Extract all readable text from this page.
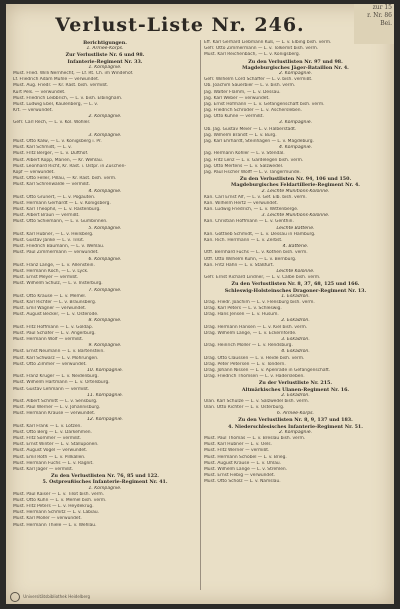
zur 15
r. Nr. 86
Bei.
Verlust-Liste Nr. 246.
Berichtigungen.
1. Armee-Korps.
Zur Verlustliste Nr. 6 und 98.
Infanterie-Regiment Nr. 33.
1. Kompagnie.
Must. Fried. Willi Nernhecht, — Lf. Rt. Ch. im Windehof.
Lf. Friedrich Adam Mühle — verwundet.
Must. Aug. Friedr. — Kr. Rast. bish. vermißt.
Kurt Pels. — verwundet.
Must. Friedrich Leibbrich, — L. v. bish. Elbingham.
Must. Ludwig Ebel, Kaulenberg, — L. v.
Krt. — verwundet.
2. Kompagnie.
Gefr. Carl Rech, — L. v. Kol. Wöhler.
3. Kompagnie.
Must. Otto Kalw, — L. v. Königsberg i. Pr.
Must. Karl Schmidt, — L. v.
Must. Fritz Berger, — L. v. Dufthof.
Must. Albert Kopp, Marien, — Kr. Wehlau.
Must. Leonhard Richt, Kr. Rast. i. Ostpr. in Zuschen-
Kopf — verwundet.
Must. Otto Feller, Pillau, — Kr. Rast. bish. verm.
Must. Karl Schrenwalde — vermißt.
4. Kompagnie.
Must. Otto Grünert, — L. v. Pogauten.
Must. Hermann Gerhardt — L. v. Königsberg.
Must. Karl Theophil, — L. v. Rastenburg.
Must. Albert Braun — vermißt.
Must. Otto Schiemann, — L. v. Gumbinnen.
5. Kompagnie.
Must. Karl Hübner, — L. v. Heilsberg.
Must. Gustav Janke — L. v. Tilsit.
Must. Friedrich Baumann, — L. v. Wehlau.
Must. Paul Zimmermann — verwundet.
6. Kompagnie.
Must. Franz Lange, — L. v. Allenstein.
Must. Hermann Koch, — L. v. Lyck.
Must. Ernst Meyer — vermißt.
Must. Wilhelm Schulz, — L. v. Insterburg.
7. Kompagnie.
Must. Otto Krause — L. v. Memel.
Must. Karl Richter — L. v. Braunsberg.
Must. Emil Wagner — verwundet.
Must. August Becker, — L. v. Osterode.
8. Kompagnie.
Must. Fritz Hoffmann — L. v. Goldap.
Must. Paul Schäfer — L. v. Angerburg.
Must. Hermann Wolf — vermißt.
9. Kompagnie.
Must. Ernst Neumann — L. v. Bartenstein.
Must. Karl Schwarz — L. v. Mohrungen.
Must. Otto Zimmer — verwundet.
10. Kompagnie.
Must. Franz Krüger — L. v. Neidenburg.
Must. Wilhelm Hartmann — L. v. Ortelsburg.
Must. Gustav Lehmann — vermißt.
11. Kompagnie.
Must. Albert Schmitt — L. v. Sensburg.
Must. Paul Werner — L. v. Johannisburg.
Must. Hermann Krause — verwundet.
12. Kompagnie.
Must. Karl Frank — L. v. Lötzen.
Must. Otto Berg — L. v. Darkehmen.
Must. Fritz Sommer — vermißt.
Must. Ernst Winter — L. v. Stallupönen.
Must. August Vogel — verwundet.
Must. Emil Roth — L. v. Pillkallen.
Must. Hermann Fuchs — L. v. Ragnit.
Must. Karl Jäger — vermißt.
Zu den Verlustlisten Nr. 76, 85 und 122.
5. Ostpreußisches Infanterie-Regiment Nr. 41.
1. Kompagnie.
Must. Paul Kaiser — L. v. Tilsit bish. verm.
Must. Otto Kuhn — L. v. Memel bish. verm.
Must. Fritz Peters — L. v. Heydekrug.
Must. Hermann Schmitz — L. v. Labiau.
Must. Karl Möller — verwundet.
Must. Hermann Thiele — L. v. Wehlau.
Eff. Karl Gerhard Liebmann Kuß, — L. v. Elbing bish. verm.
Gefr. Otto Zimmermann — L. v. Tolkemit bish. verm.
Must. Karl Reichenbach, — L. v. Königsberg.
Zu den Verlustlisten Nr. 97 und 98.
Magdeburgisches Jäger-Bataillon Nr. 4.
2. Kompagnie.
Gefr. Wilhelm Cord Schaffer — L. v. bish. vermißt.
Ob. Joachim Sauerbier — L. v. bish. verm.
Jäg. Walter Flamm, — L. v. Dessau.
Jäg. Karl Weber — verwundet.
Jäg. Ernst Hofmann — L. v. Gefangenschaft bish. verm.
Jäg. Friedrich Schröder — L. v. Aschersleben.
Jäg. Otto Kühne — vermißt.
3. Kompagnie.
Ob. Jäg. Gustav Meier — L. v. Halberstadt.
Jäg. Wilhelm Brandt — L. v. Burg.
Jäg. Karl Ehrhardt, Steinhagen — L. v. Magdeburg.
4. Kompagnie.
Jäg. Hermann Köhler — L. v. Stendal.
Jäg. Fritz Lenz — L. v. Gardelegen bish. verm.
Jäg. Otto Mertens — L. v. Salzwedel.
Jäg. Paul Fischer Wolff — L. v. Tangermünde.
Zu den Verlustlisten Nr. 94, 106 und 150.
Magdeburgisches Feldartillerie-Regiment Nr. 4.
2. Leichte Munitions-Kolonne.
Kan. Carl Ernst Alf, — L. v. Gef. Elb. bish. verm.
Kan. Wilhelm Hertz — verwundet.
Kan. Ludwig Friedrich, — L. v. Wittenberge.
3. Leichte Munitions-Kolonne.
Kan. Christian Hoffmann — L. v. Genthin.
Leichte Batterie.
Kan. Gottlieb Schmidt, — L. v. Dessau in Hamburg.
Kan. Rich. Herrmann — L. v. Zerbst.
4. Batterie.
Utff. Bernhard Fuchs — L. v. Köthen bish. verm.
Utff. Otto Wilhelm Kühn, — L. v. Bernburg.
Kan. Fritz Hahn — L. v. Staßfurt.
Leichte Kolonne.
Gefr. Ernst Richard Lindner, — L. v. Calbe bish. verm.
Zu den Verlustlisten Nr. 8, 37, 68, 125 und 166.
Schleswig-Holsteinsches Dragoner-Regiment Nr. 13.
1. Eskadron.
Drag. Friedr. Joachim — L. v. Flensburg bish. verm.
Drag. Karl Peters — L. v. Schleswig.
Drag. Hans Jensen — L. v. Husum.
2. Eskadron.
Drag. Hermann Hansen — L. v. Kiel bish. verm.
Drag. Wilhelm Lange, — L. v. Eckernförde.
3. Eskadron.
Drag. Heinrich Möller — L. v. Rendsburg.
4. Eskadron.
Drag. Otto Claussen — L. v. Heide bish. verm.
Drag. Peter Petersen — L. v. Tondern.
Drag. Johann Nissen — L. v. Apenrade in Gefangenschaft.
Drag. Friedrich Thomsen — L. v. Hadersleben.
Zu der Verlustliste Nr. 215.
Altmärkisches Ulanen-Regiment Nr. 16.
2. Eskadron.
Ulan. Karl Schulze — L. v. Salzwedel bish. verm.
Ulan. Otto Richter — L. v. Osterburg.
6. Armee-Korps.
Zu den Verlustlisten Nr. 8, 9, 137 und 183.
4. Niederschlesisches Infanterie-Regiment Nr. 51.
2. Kompagnie.
Must. Paul Thomas — L. v. Breslau bish. verm.
Must. Karl Hübner — L. v. Oels.
Must. Fritz Werner — vermißt.
Must. Hermann Schöbel — L. v. Brieg.
Must. August Krause — L. v. Ohlau.
Must. Wilhelm Lange — L. v. Strehlen.
Must. Ernst Fiebig — verwundet.
Must. Otto Scholz — L. v. Namslau.
Universitätsbibliothek Heidelberg
